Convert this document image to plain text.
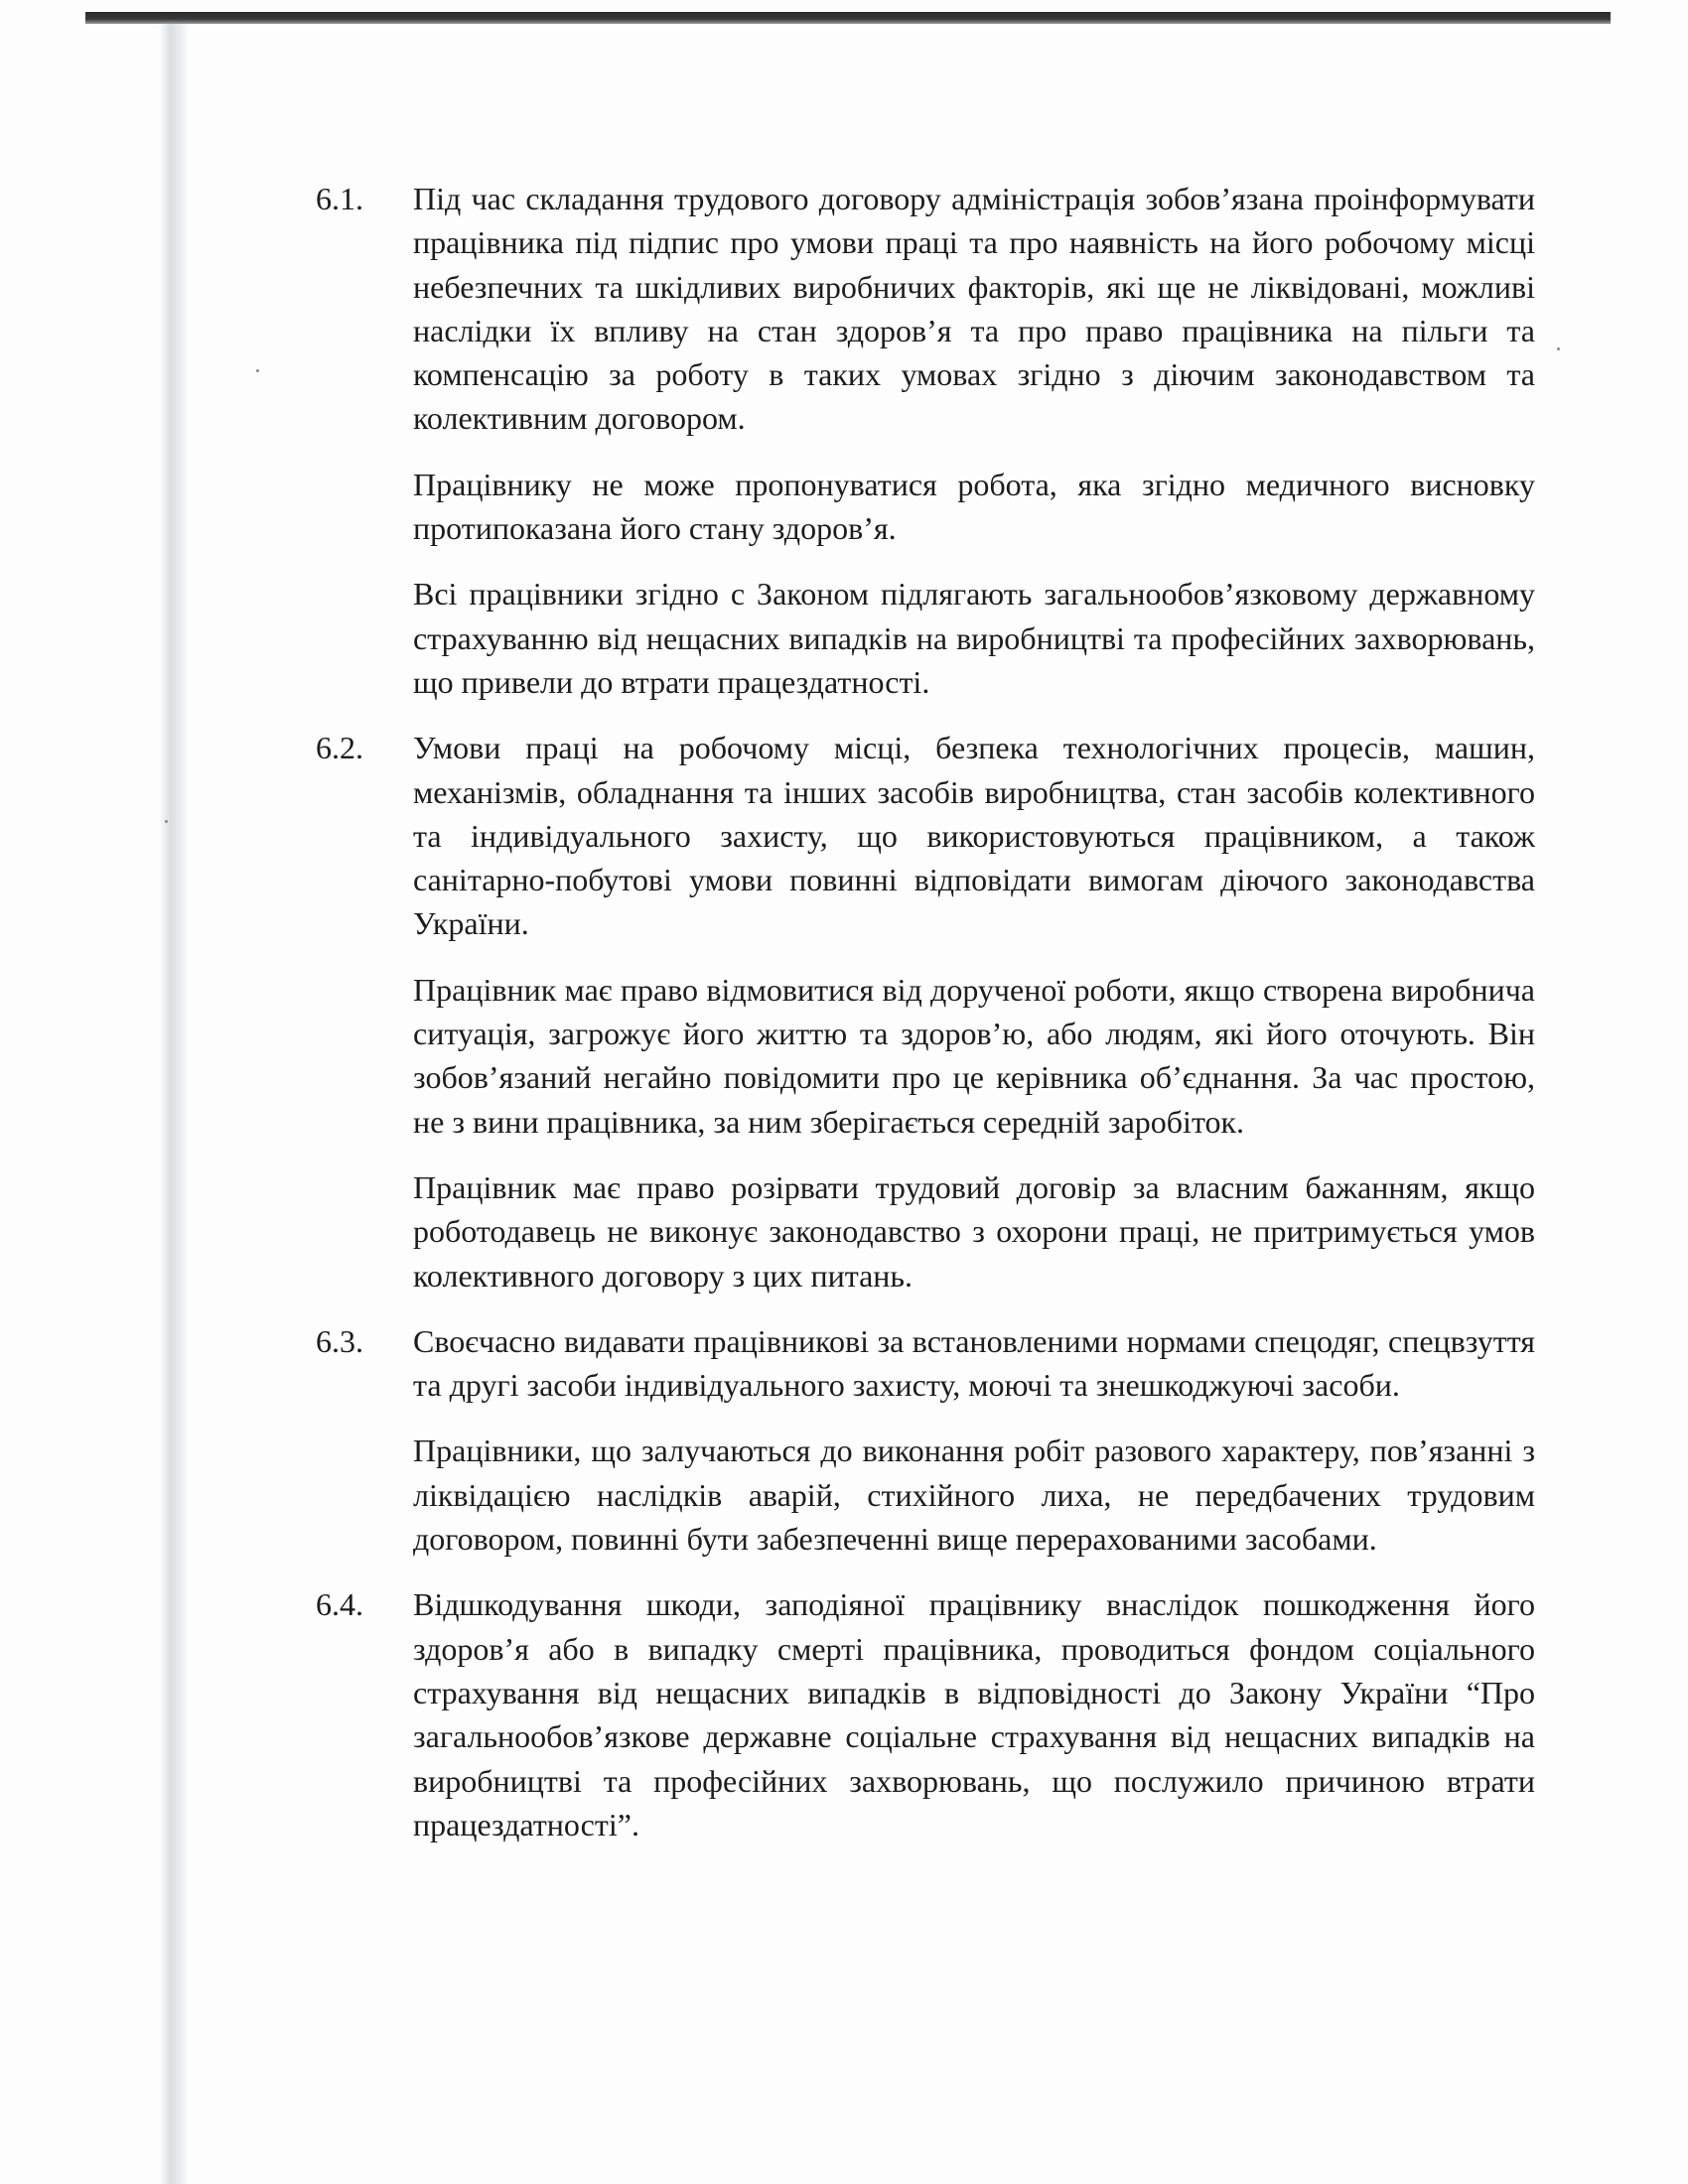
6.1.	Під час складання трудового договору адміністрація зобов’язана проінформувати працівника під підпис про умови праці та про наявність на його робочому місці небезпечних та шкідливих виробничих факторів, які ще не ліквідовані, можливі наслідки їх впливу на стан здоров’я та про право працівника на пільги та компенсацію за роботу в таких умовах згідно з діючим законодавством та колективним договором.

Працівнику не може пропонуватися робота, яка згідно медичного висновку протипоказана його стану здоров’я.

Всі працівники згідно с Законом підлягають загальнообов’язковому державному страхуванню від нещасних випадків на виробництві та професійних захворювань, що привели до втрати працездатності.

6.2.	Умови праці на робочому місці, безпека технологічних процесів, машин, механізмів, обладнання та інших засобів виробництва, стан засобів колективного та індивідуального захисту, що використовуються працівником, а також санітарно-побутові умови повинні відповідати вимогам діючого законодавства України.

Працівник має право відмовитися від дорученої роботи, якщо створена виробнича ситуація, загрожує його життю та здоров’ю, або людям, які його оточують. Він зобов’язаний негайно повідомити про це керівника об’єднання. За час простою, не з вини працівника, за ним зберігається середній заробіток.

Працівник має право розірвати трудовий договір за власним бажанням, якщо роботодавець не виконує законодавство з охорони праці, не притримується умов колективного договору з цих питань.

6.3.	Своєчасно видавати працівникові за встановленими нормами спецодяг, спецвзуття та другі засоби індивідуального захисту, моючі та знешкоджуючі засоби.

Працівники, що залучаються до виконання робіт разового характеру, пов’язанні з ліквідацією наслідків аварій, стихійного лиха, не передбачених трудовим договором, повинні бути забезпеченні вище перерахованими засобами.

6.4.	Відшкодування шкоди, заподіяної працівнику внаслідок пошкодження його здоров’я або в випадку смерті працівника, проводиться фондом соціального страхування від нещасних випадків в відповідності до Закону України “Про загальнообов’язкове державне соціальне страхування від нещасних випадків на виробництві та професійних захворювань, що послужило причиною втрати працездатності”.
